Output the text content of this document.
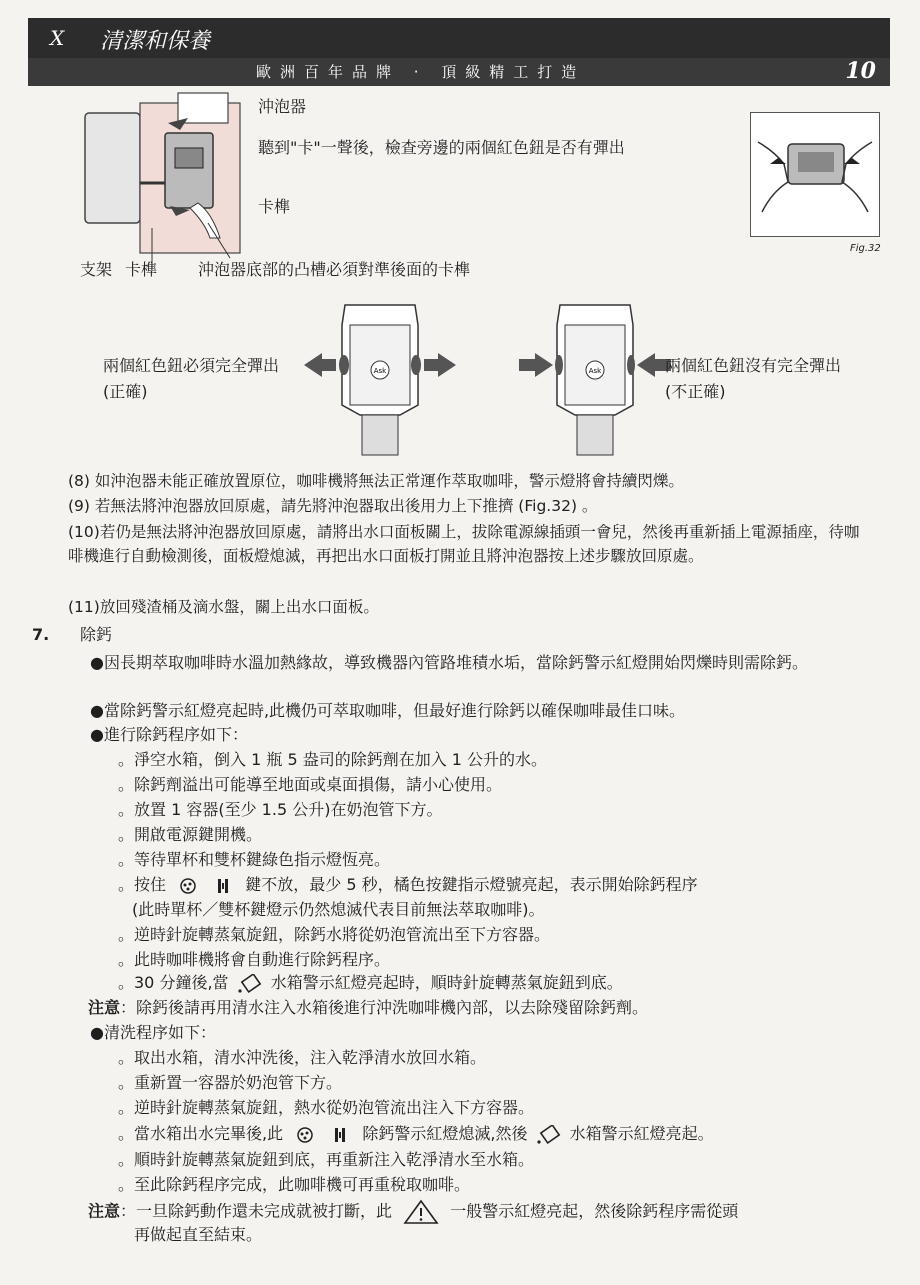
X 清潔和保養
歐洲百年品牌 · 頂級精工打造	10
沖泡器
聽到"卡"一聲後，檢查旁邊的兩個紅色鈕是否有彈出
卡榫
支架 卡榫	沖泡器底部的凸槽必須對準後面的卡榫
Fig.32
兩個紅色鈕必須完全彈出(正確)
Ask	Ask	兩個紅色鈕沒有完全彈出(不正確)
(8) 如沖泡器未能正確放置原位，咖啡機將無法正常運作萃取咖啡，警示燈將會持續閃爍。
(9) 若無法將沖泡器放回原處，請先將沖泡器取出後用力上下推擠 (Fig.32) 。
(10)若仍是無法將沖泡器放回原處，請將出水口面板關上，拔除電源線插頭一會兒，然後再重新插上電源插座，待咖啡機進行自動檢測後，面板燈熄滅，再把出水口面板打開並且將沖泡器按上述步驟放回原處。
(11)放回殘渣桶及滴水盤，關上出水口面板。
7. 除鈣
●因長期萃取咖啡時水溫加熱緣故，導致機器內管路堆積水垢，當除鈣警示紅燈開始閃爍時則需除鈣。
●當除鈣警示紅燈亮起時,此機仍可萃取咖啡，但最好進行除鈣以確保咖啡最佳口味。
●進行除鈣程序如下：
。淨空水箱，倒入 1 瓶 5 盎司的除鈣劑在加入 1 公升的水。
。除鈣劑溢出可能導至地面或桌面損傷，請小心使用。
。放置 1 容器(至少 1.5 公升)在奶泡管下方。
。開啟電源鍵開機。
。等待單杯和雙杯鍵綠色指示燈恆亮。
。按住	鍵不放，最少 5 秒，橘色按鍵指示燈號亮起，表示開始除鈣程序
(此時單杯／雙杯鍵燈示仍然熄滅代表目前無法萃取咖啡)。
。逆時針旋轉蒸氣旋鈕，除鈣水將從奶泡管流出至下方容器。
。此時咖啡機將會自動進行除鈣程序。
。30 分鐘後,當	水箱警示紅燈亮起時，順時針旋轉蒸氣旋鈕到底。
注意：除鈣後請再用清水注入水箱後進行沖洗咖啡機內部，以去除殘留除鈣劑。
●清洗程序如下：
。取出水箱，清水沖洗後，注入乾淨清水放回水箱。
。重新置一容器於奶泡管下方。
。逆時針旋轉蒸氣旋鈕，熱水從奶泡管流出注入下方容器。
。當水箱出水完畢後,此	除鈣警示紅燈熄滅,然後	水箱警示紅燈亮起。
。順時針旋轉蒸氣旋鈕到底，再重新注入乾淨清水至水箱。
。至此除鈣程序完成，此咖啡機可再重稅取咖啡。
注意：一旦除鈣動作還未完成就被打斷，此	一般警示紅燈亮起，然後除鈣程序需從頭
再做起直至結束。
